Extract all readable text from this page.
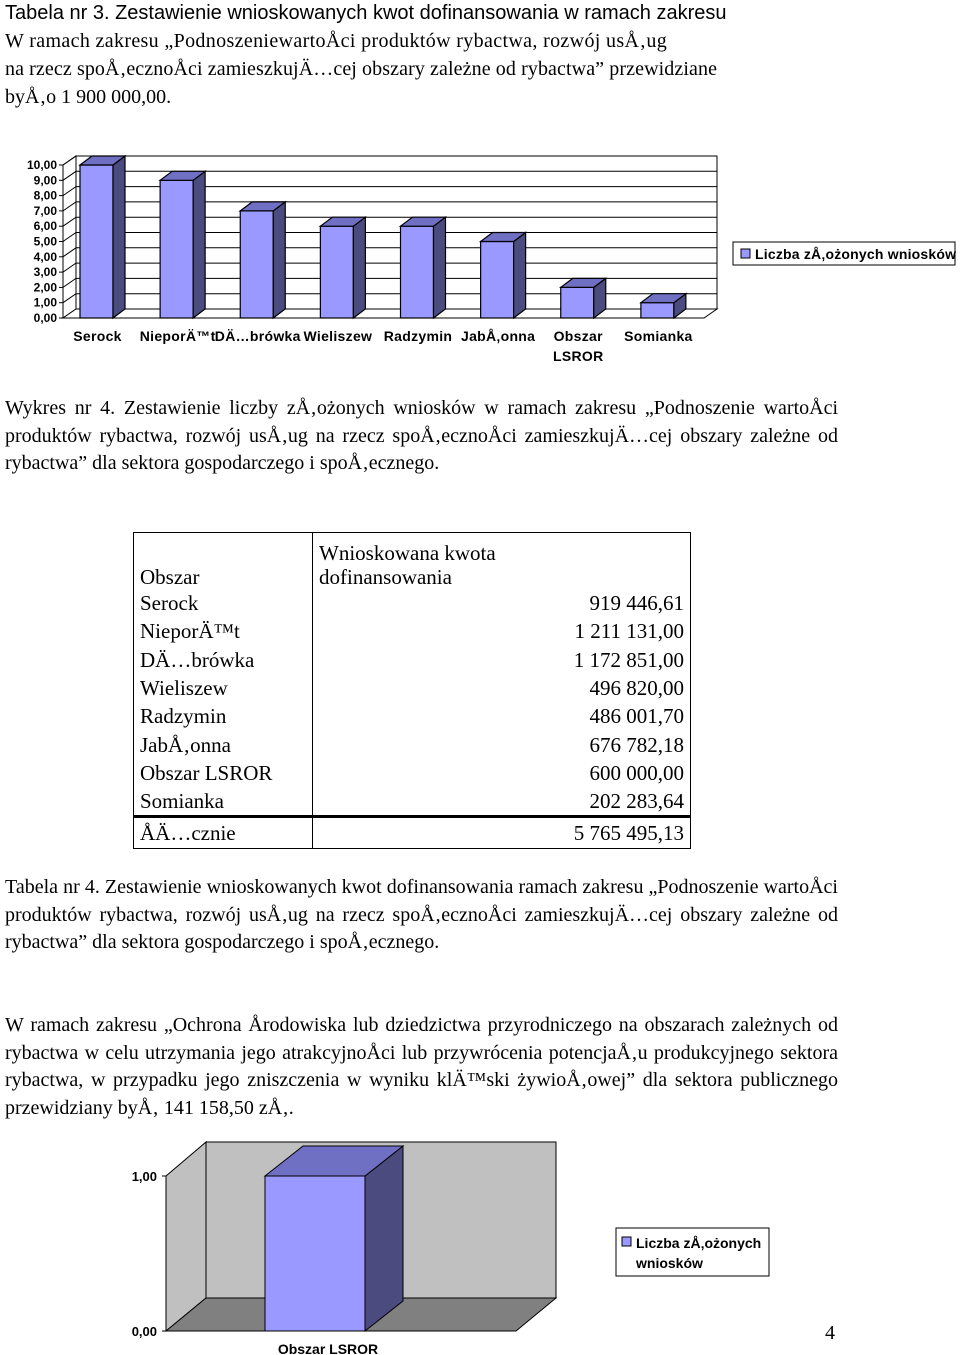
Tabela nr 3. Zestawienie wnioskowanych kwot dofinansowania w ramach zakresu
W ramach zakresu „PodnoszeniewartoÅci produktów rybactwa, rozwój usÅ‚ug
na rzecz spoÅ‚ecznoÅci zamieszkujÄ…cej obszary zależne od rybactwa” przewidziane
byÅ‚o 1 900 000,00.
0,00
1,00
2,00
3,00
4,00
5,00
6,00
7,00
8,00
9,00
10,00
Serock NieporÄ™t DÄ…brówka Wieliszew Radzymin JabÅ‚onna Obszar
LSROR
Somianka
Liczba zÅ‚ożonych wniosków

Wykres nr 4. Zestawienie liczby zÅ‚ożonych wniosków w ramach zakresu „Podnoszenie wartoÅci produktów rybactwa, rozwój usÅ‚ug na rzecz spoÅ‚ecznoÅci zamieszkujÄ…cej obszary zależne od rybactwa” dla sektora gospodarczego i spoÅ‚ecznego.

Obszar	Wnioskowana kwota
dofinansowania

Serock	919 446,61
NieporÄ™t	1 211 131,00
DÄ…brówka	1 172 851,00
Wieliszew	496 820,00
Radzymin	486 001,70
JabÅ‚onna	676 782,18
Obszar LSROR	600 000,00
Somianka	202 283,64
ÅÄ…cznie	5 765 495,13

Tabela nr 4. Zestawienie wnioskowanych kwot dofinansowania ramach zakresu „Podnoszenie wartoÅci produktów rybactwa, rozwój usÅ‚ug na rzecz spoÅ‚ecznoÅci zamieszkujÄ…cej obszary zależne od rybactwa” dla sektora gospodarczego i spoÅ‚ecznego.

W ramach zakresu „Ochrona Årodowiska lub dziedzictwa przyrodniczego na obszarach zależnych od rybactwa w celu utrzymania jego atrakcyjnoÅci lub przywrócenia potencjaÅ‚u produkcyjnego sektora rybactwa, w przypadku jego zniszczenia w wyniku klÄ™ski żywioÅ‚owej” dla sektora publicznego przewidziany byÅ‚ 141 158,50 zÅ‚.

0,00
1,00
Obszar LSROR
Liczba zÅ‚ożonych
wniosków
4
